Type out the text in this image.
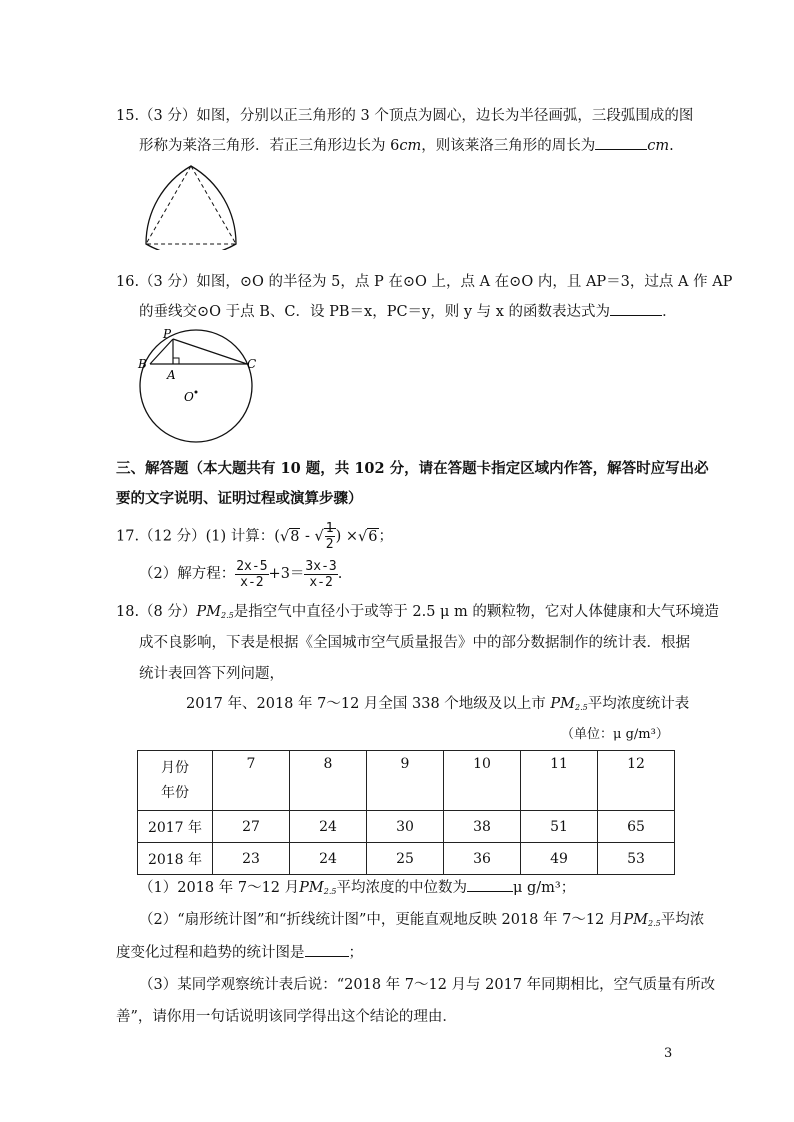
15.（3 分）如图，分别以正三角形的 3 个顶点为圆心，边长为半径画弧，三段弧围成的图
形称为莱洛三角形．若正三角形边长为 6cm，则该莱洛三角形的周长为	cm.
16.（3 分）如图，⊙O 的半径为 5，点 P 在⊙O 上，点 A 在⊙O 内，且 AP＝3，过点 A 作 AP
的垂线交⊙O 于点 B、C．设 PB＝x，PC＝y，则 y 与 x 的函数表达式为	．
P
B
A
C
O
三、解答题（本大题共有 10 题，共 102 分，请在答题卡指定区域内作答，解答时应写出必
要的文字说明、证明过程或演算步骤）
17.（12 分）(1) 计算：(√8 - √ $\frac{1}{2}$ ) ×√6；
（2）解方程： $\frac{2x-5}{x-2} +3= \frac{3x-3}{x-2}$ .
18.（8 分）$PM_{2.5}$是指空气中直径小于或等于 2.5 μ m 的颗粒物，它对人体健康和大气环境造
成不良影响，下表是根据《全国城市空气质量报告》中的部分数据制作的统计表．根据
统计表回答下列问题，
2017 年、2018 年 7～12 月全国 338 个地级及以上市 $PM_{2.5}$平均浓度统计表
（单位：μ g/m³）
月份
年份	7	8	9	10	11	12
2017 年	27	24	30	38	51	65
2018 年	23	24	25	36	49	53
（1）2018 年 7～12 月$PM_{2.5}$平均浓度的中位数为	μ g/m³；
（2）“扇形统计图”和“折线统计图”中，更能直观地反映 2018 年 7～12 月$PM_{2.5}$平均浓
度变化过程和趋势的统计图是	；
（3）某同学观察统计表后说：“2018 年 7～12 月与 2017 年同期相比，空气质量有所改
善”，请你用一句话说明该同学得出这个结论的理由．
3
